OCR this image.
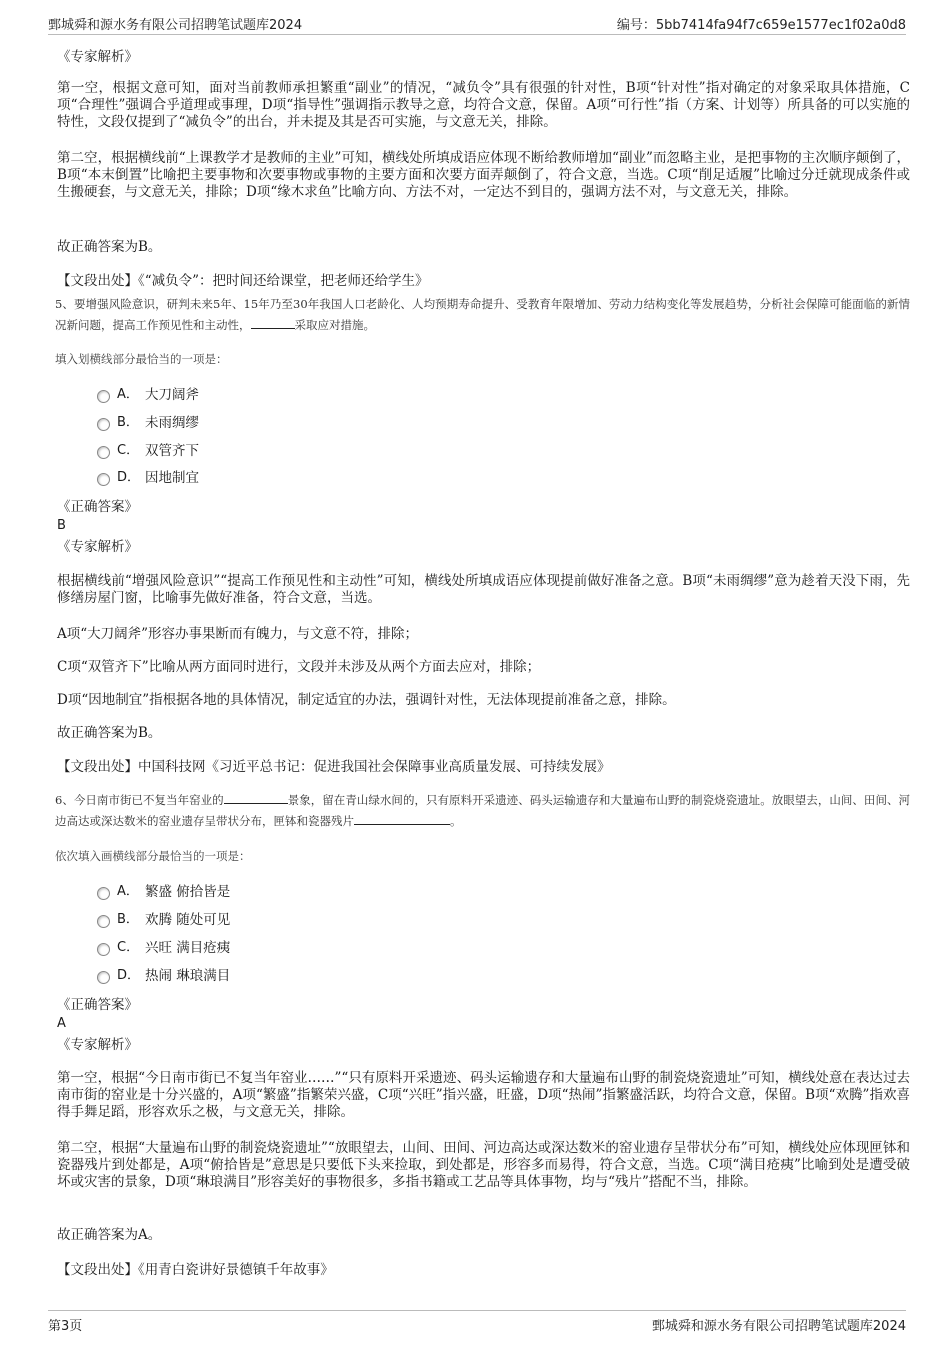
鄄城舜和源水务有限公司招聘笔试题库2024	编号：5bb7414fa94f7c659e1577ec1f02a0d8
《专家解析》
第一空，根据文意可知，面对当前教师承担繁重“副业”的情况，“减负令”具有很强的针对性，B项“针对性”指对确定的对象采取具体措施，C项“合理性”强调合乎道理或事理，D项“指导性”强调指示教导之意，均符合文意，保留。A项“可行性”指（方案、计划等）所具备的可以实施的特性，文段仅提到了“减负令”的出台，并未提及其是否可实施，与文意无关，排除。
第二空，根据横线前“上课教学才是教师的主业”可知，横线处所填成语应体现不断给教师增加“副业”而忽略主业，是把事物的主次顺序颠倒了，B项“本末倒置”比喻把主要事物和次要事物或事物的主要方面和次要方面弄颠倒了，符合文意，当选。C项“削足适履”比喻过分迁就现成条件或生搬硬套，与文意无关，排除；D项“缘木求鱼”比喻方向、方法不对，一定达不到目的，强调方法不对，与文意无关，排除。
故正确答案为B。
【文段出处】《“减负令”：把时间还给课堂，把老师还给学生》
5、要增强风险意识，研判未来5年、15年乃至30年我国人口老龄化、人均预期寿命提升、受教育年限增加、劳动力结构变化等发展趋势，分析社会保障可能面临的新情况新问题，提高工作预见性和主动性，	采取应对措施。
填入划横线部分最恰当的一项是：
A． 大刀阔斧
B． 未雨绸缪
C． 双管齐下
D． 因地制宜
《正确答案》
B
《专家解析》
根据横线前“增强风险意识”“提高工作预见性和主动性”可知，横线处所填成语应体现提前做好准备之意。B项“未雨绸缪”意为趁着天没下雨，先修缮房屋门窗，比喻事先做好准备，符合文意，当选。
A项“大刀阔斧”形容办事果断而有魄力，与文意不符，排除；
C项“双管齐下”比喻从两方面同时进行，文段并未涉及从两个方面去应对，排除；
D项“因地制宜”指根据各地的具体情况，制定适宜的办法，强调针对性，无法体现提前准备之意，排除。
故正确答案为B。
【文段出处】中国科技网《习近平总书记：促进我国社会保障事业高质量发展、可持续发展》
6、今日南市街已不复当年窑业的	景象，留在青山绿水间的，只有原料开采遗迹、码头运输遗存和大量遍布山野的制瓷烧瓷遗址。放眼望去，山间、田间、河边高达或深达数米的窑业遗存呈带状分布，匣钵和瓷器残片	。
依次填入画横线部分最恰当的一项是：
A． 繁盛 俯拾皆是
B． 欢腾 随处可见
C． 兴旺 满目疮痍
D． 热闹 琳琅满目
《正确答案》
A
《专家解析》
第一空，根据“今日南市街已不复当年窑业……”“只有原料开采遗迹、码头运输遗存和大量遍布山野的制瓷烧瓷遗址”可知，横线处意在表达过去南市街的窑业是十分兴盛的，A项“繁盛”指繁荣兴盛，C项“兴旺”指兴盛，旺盛，D项“热闹”指繁盛活跃，均符合文意，保留。B项“欢腾”指欢喜得手舞足蹈，形容欢乐之极，与文意无关，排除。
第二空，根据“大量遍布山野的制瓷烧瓷遗址”“放眼望去，山间、田间、河边高达或深达数米的窑业遗存呈带状分布”可知，横线处应体现匣钵和瓷器残片到处都是，A项“俯拾皆是”意思是只要低下头来捡取，到处都是，形容多而易得，符合文意，当选。C项“满目疮痍”比喻到处是遭受破坏或灾害的景象，D项“琳琅满目”形容美好的事物很多，多指书籍或工艺品等具体事物，均与“残片”搭配不当，排除。
故正确答案为A。
【文段出处】《用青白瓷讲好景德镇千年故事》
第3页	鄄城舜和源水务有限公司招聘笔试题库2024
